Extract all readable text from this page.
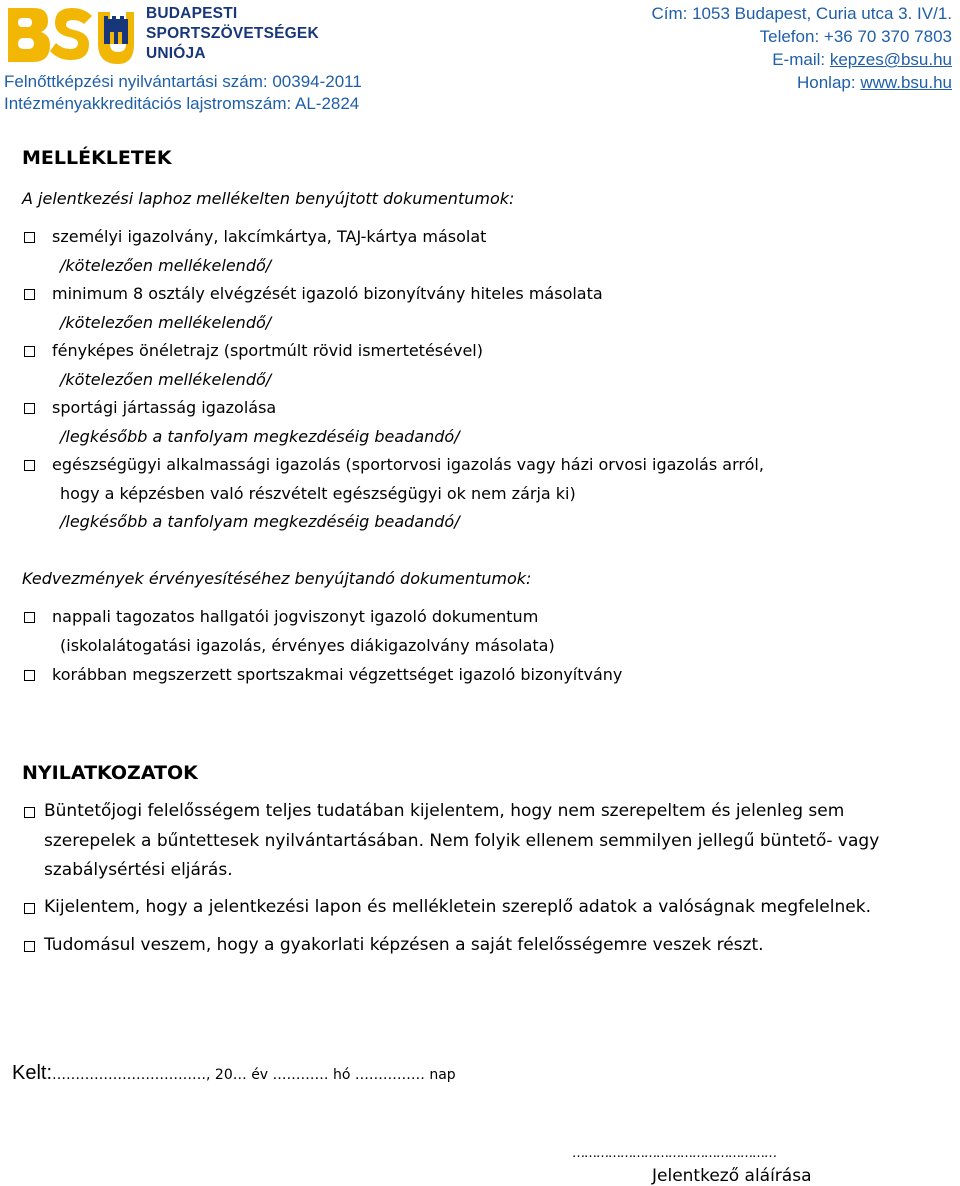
BUDAPESTI
SPORTSZÖVETSÉGEK
UNIÓJA
Cím: 1053 Budapest, Curia utca 3. IV/1.
Telefon: +36 70 370 7803
E-mail: kepzes@bsu.hu
Honlap: www.bsu.hu
Felnőttképzési nyilvántartási szám: 00394-2011
Intézményakkreditációs lajstromszám: AL-2824
MELLÉKLETEK
A jelentkezési laphoz mellékelten benyújtott dokumentumok:
személyi igazolvány, lakcímkártya, TAJ-kártya másolat
/kötelezően mellékelendő/
minimum 8 osztály elvégzését igazoló bizonyítvány hiteles másolata
/kötelezően mellékelendő/
fényképes önéletrajz (sportmúlt rövid ismertetésével)
/kötelezően mellékelendő/
sportági jártasság igazolása
/legkésőbb a tanfolyam megkezdéséig beadandó/
egészségügyi alkalmassági igazolás (sportorvosi igazolás vagy házi orvosi igazolás arról,
hogy a képzésben való részvételt egészségügyi ok nem zárja ki)
/legkésőbb a tanfolyam megkezdéséig beadandó/
Kedvezmények érvényesítéséhez benyújtandó dokumentumok:
nappali tagozatos hallgatói jogviszonyt igazoló dokumentum
(iskolalátogatási igazolás, érvényes diákigazolvány másolata)
korábban megszerzett sportszakmai végzettséget igazoló bizonyítvány
NYILATKOZATOK
Büntetőjogi felelősségem teljes tudatában kijelentem, hogy nem szerepeltem és jelenleg sem
szerepelek a bűntettesek nyilvántartásában. Nem folyik ellenem semmilyen jellegű büntető- vagy
szabálysértési eljárás.
Kijelentem, hogy a jelentkezési lapon és mellékletein szereplő adatok a valóságnak megfelelnek.
Tudomásul veszem, hogy a gyakorlati képzésen a saját felelősségemre veszek részt.
Kelt:……………………………, 20… év ………… hó …………… nap
……………………………………………
Jelentkező aláírása
